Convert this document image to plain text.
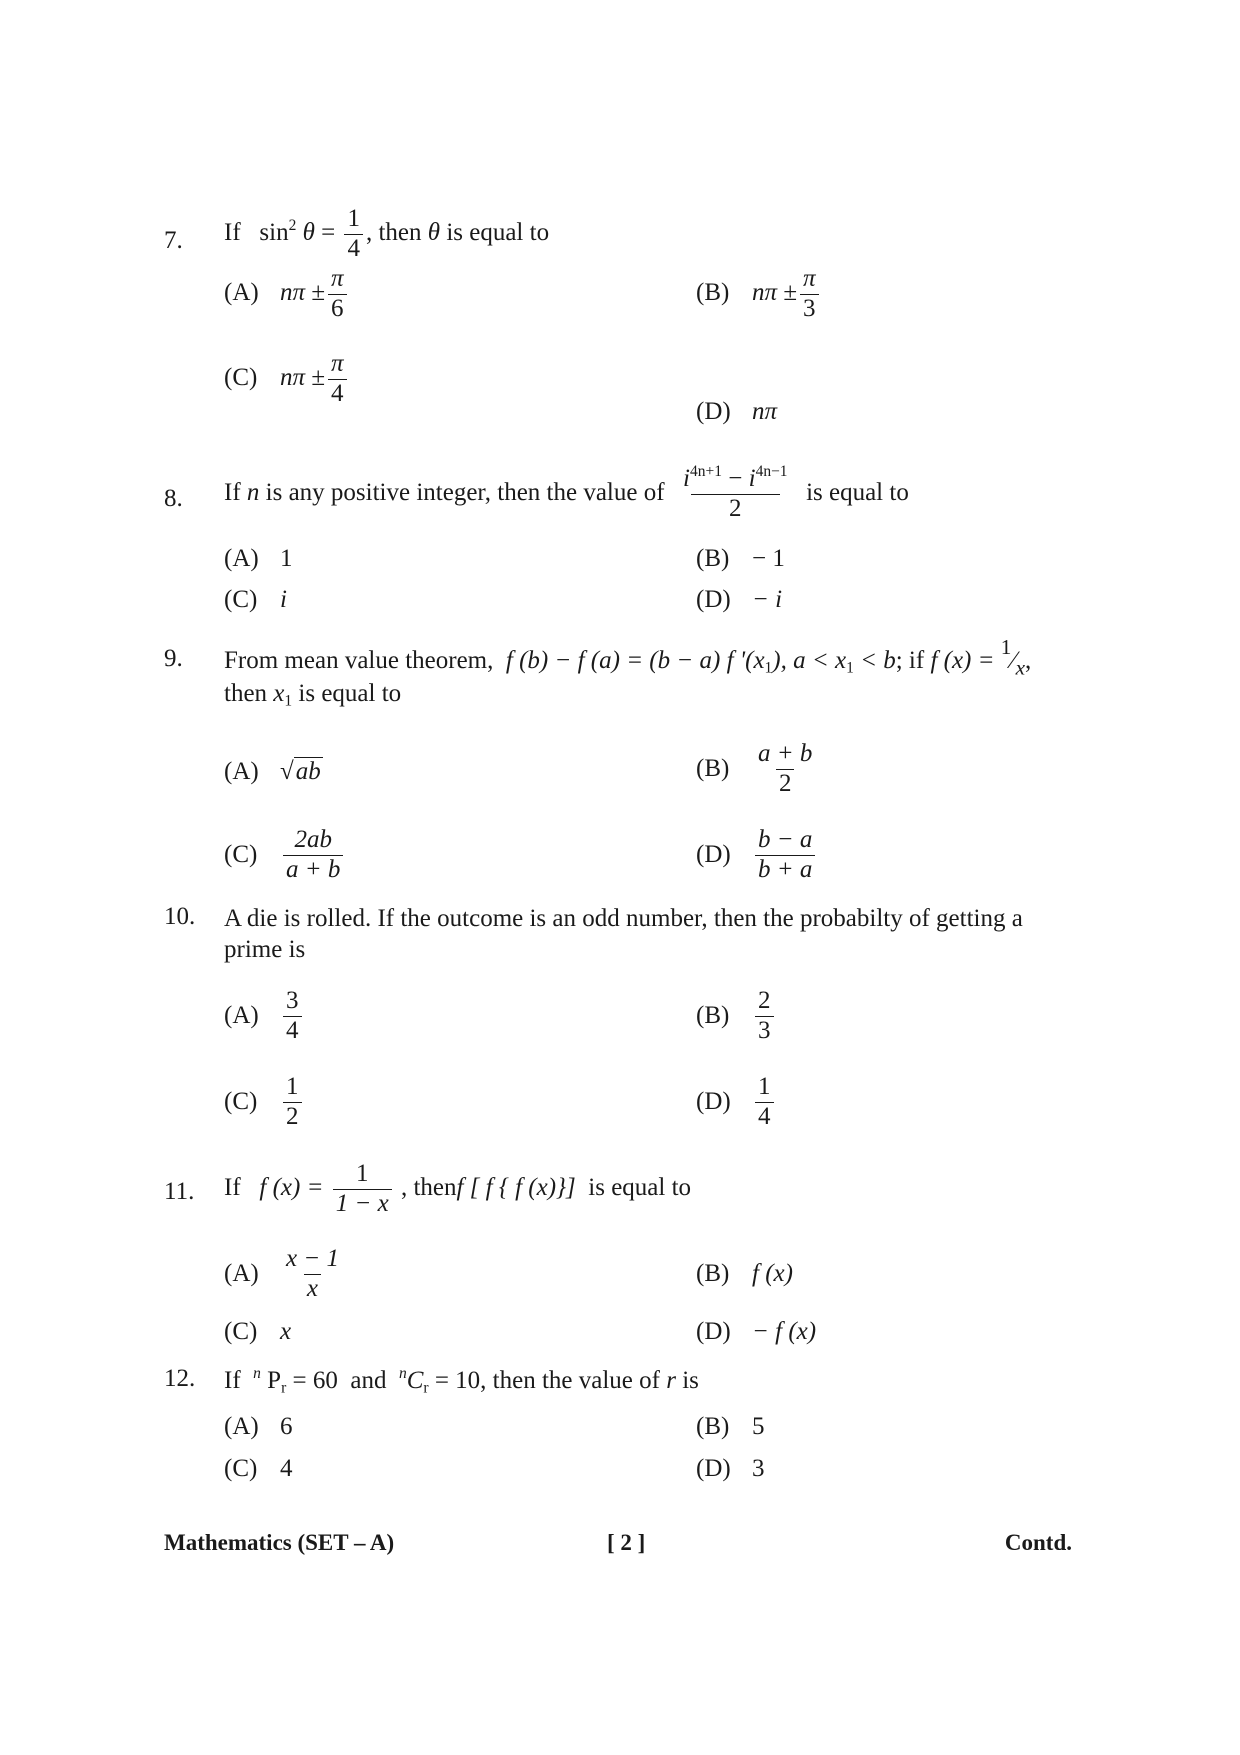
7. If $\sin^2 \theta = \frac{1}{4}$ , then θ is equal to
(A) $n\pi \pm \frac{\pi}{6}$	(B) $n\pi \pm \frac{\pi}{3}$
(C) $n\pi \pm \frac{\pi}{4}$
(D) nπ
8. If n is any positive integer, then the value of $\frac{i^{4n+1} - i^{4n-1}}{2}$ is equal to
(A) 1	(B) − 1
(C) i	(D) − i
9. From mean value theorem, f (b) − f (a) = (b − a) f '$(x_1)$, $a < x_1 < b$; if f $(x) = ^1⁄_x$,
then $x_1$ is equal to
(A) √ab	$(B) \frac{a + b}{2}$
$(C) \frac{2ab}{a + b}$	$(D) \frac{b - a}{b + a}$
10. A die is rolled. If the outcome is an odd number, then the probabilty of getting a
prime is
$(A) \frac{3}{4}$	$(B) \frac{2}{3}$
$(C) \frac{1}{2}$	$(D) \frac{1}{4}$
11. If f $(x) = \frac{1}{1 - x}$ , thenf [ f { f (x)}] is equal to
$(A) \frac{x - 1}{x}$	(B) f (x)
(C) x	(D) − f (x)
12. If $^n$ $P_r = 60$ and $^nC_r = 10$, then the value of r is
(A) 6	(B) 5
(C) 4	(D) 3
Mathematics (SET – A)	[ 2 ]	Contd.
